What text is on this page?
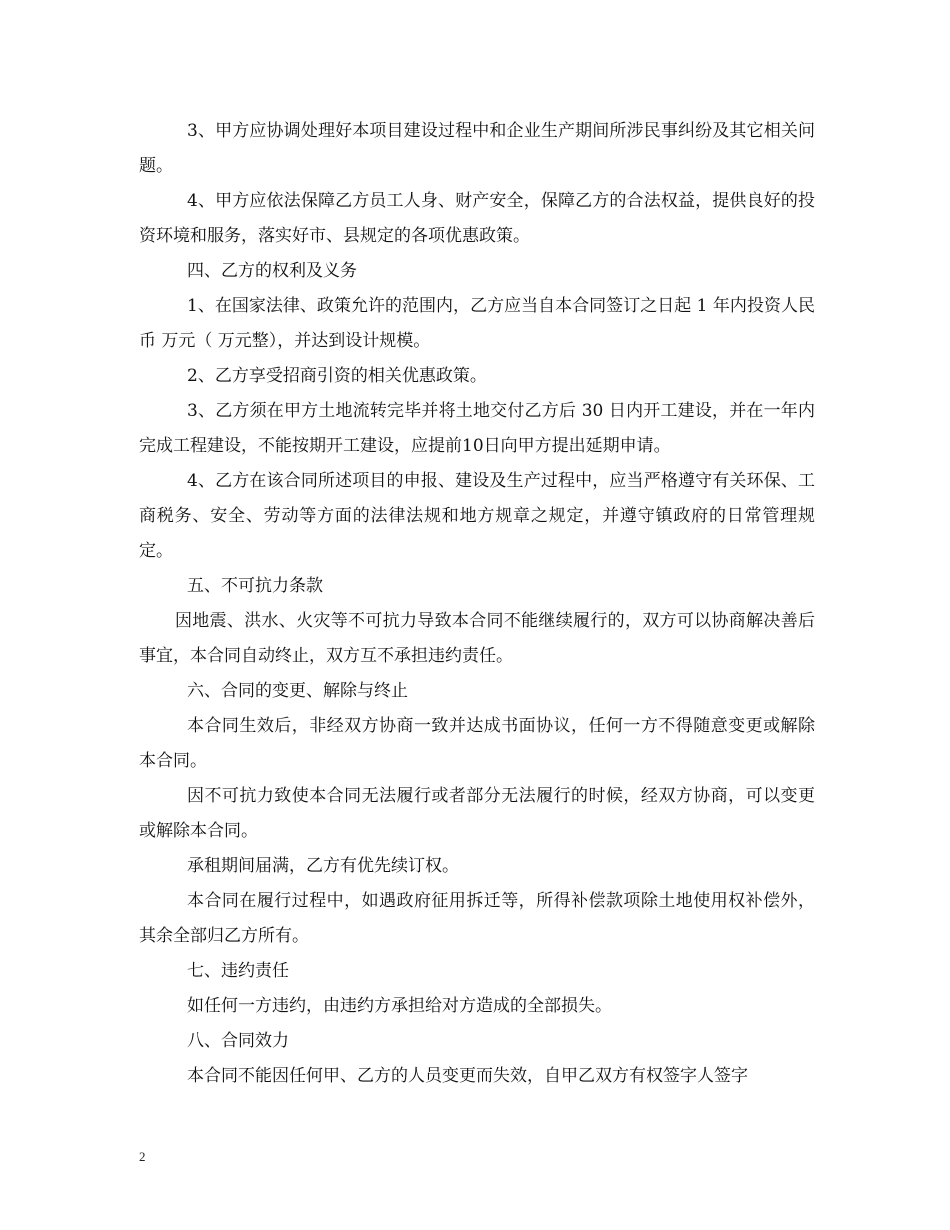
3、甲方应协调处理好本项目建设过程中和企业生产期间所涉民事纠纷及其它相关问题。

4、甲方应依法保障乙方员工人身、财产安全，保障乙方的合法权益，提供良好的投资环境和服务，落实好市、县规定的各项优惠政策。

四、乙方的权利及义务

1、在国家法律、政策允许的范围内，乙方应当自本合同签订之日起 1 年内投资人民币 万元（ 万元整），并达到设计规模。

2、乙方享受招商引资的相关优惠政策。

3、乙方须在甲方土地流转完毕并将土地交付乙方后 30 日内开工建设，并在一年内完成工程建设，不能按期开工建设，应提前10日向甲方提出延期申请。

4、乙方在该合同所述项目的申报、建设及生产过程中，应当严格遵守有关环保、工商税务、安全、劳动等方面的法律法规和地方规章之规定，并遵守镇政府的日常管理规定。

五、不可抗力条款

因地震、洪水、火灾等不可抗力导致本合同不能继续履行的，双方可以协商解决善后事宜，本合同自动终止，双方互不承担违约责任。

六、合同的变更、解除与终止

本合同生效后，非经双方协商一致并达成书面协议，任何一方不得随意变更或解除本合同。

因不可抗力致使本合同无法履行或者部分无法履行的时候，经双方协商，可以变更或解除本合同。

承租期间届满，乙方有优先续订权。

本合同在履行过程中，如遇政府征用拆迁等，所得补偿款项除土地使用权补偿外，其余全部归乙方所有。

七、违约责任

如任何一方违约，由违约方承担给对方造成的全部损失。

八、合同效力

本合同不能因任何甲、乙方的人员变更而失效，自甲乙双方有权签字人签字

2
